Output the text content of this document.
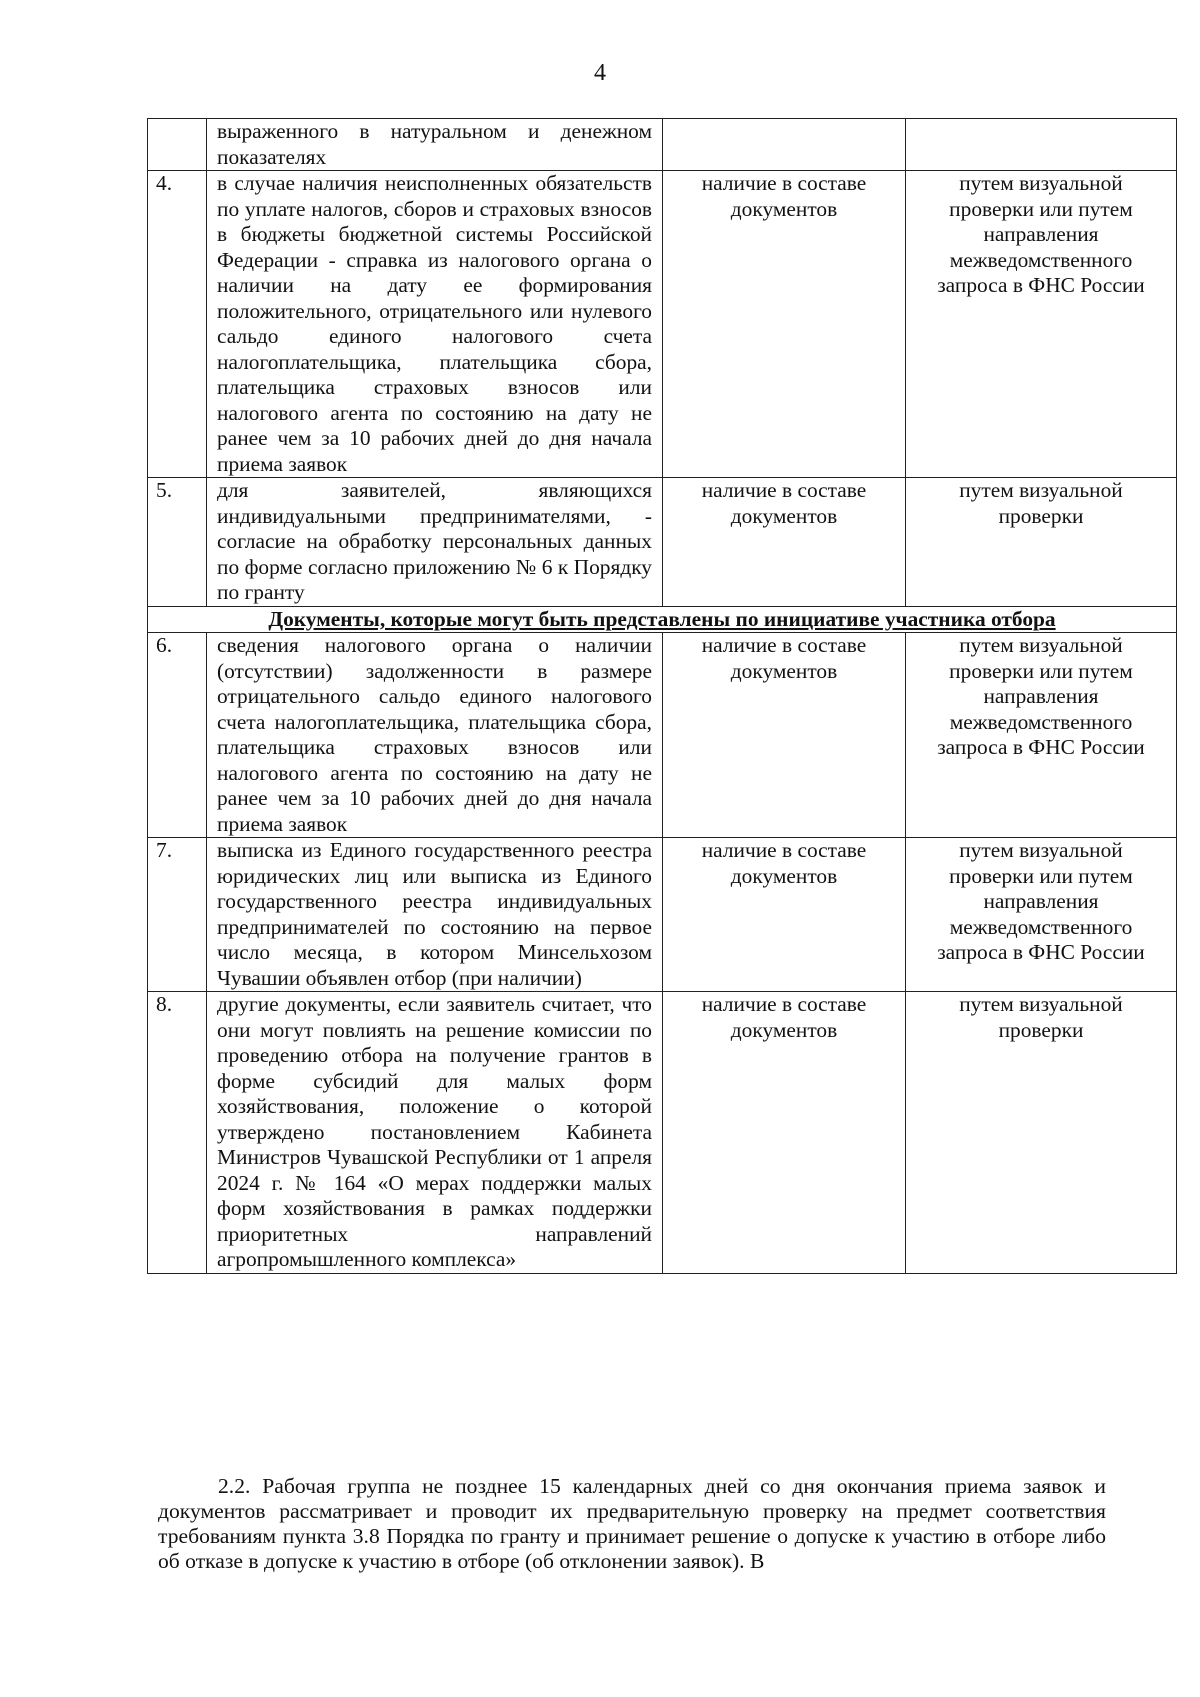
4
	выраженного в натуральном и денежном показателях		
4.	в случае наличия неисполненных обязательств по уплате налогов, сборов и страховых взносов в бюджеты бюджетной системы Российской Федерации - справка из налогового органа о наличии на дату ее формирования положительного, отрицательного или нулевого сальдо единого налогового счета налогоплательщика, плательщика сбора, плательщика страховых взносов или налогового агента по состоянию на дату не ранее чем за 10 рабочих дней до дня начала приема заявок	наличие в составе документов	путем визуальной проверки или путем направления межведомственного запроса в ФНС России
5.	для заявителей, являющихся индивидуальными предпринимателями, - согласие на обработку персональных данных по форме согласно приложению № 6 к Порядку по гранту	наличие в составе документов	путем визуальной проверки
Документы, которые могут быть представлены по инициативе участника отбора			
6.	сведения налогового органа о наличии (отсутствии) задолженности в размере отрицательного сальдо единого налогового счета налогоплательщика, плательщика сбора, плательщика страховых взносов или налогового агента по состоянию на дату не ранее чем за 10 рабочих дней до дня начала приема заявок	наличие в составе документов	путем визуальной проверки или путем направления межведомственного запроса в ФНС России
7.	выписка из Единого государственного реестра юридических лиц или выписка из Единого государственного реестра индивидуальных предпринимателей по состоянию на первое число месяца, в котором Минсельхозом Чувашии объявлен отбор (при наличии)	наличие в составе документов	путем визуальной проверки или путем направления межведомственного запроса в ФНС России
8.	другие документы, если заявитель считает, что они могут повлиять на решение комиссии по проведению отбора на получение грантов в форме субсидий для малых форм хозяйствования, положение о которой утверждено постановлением Кабинета Министров Чувашской Республики от 1 апреля 2024 г. № 164 «О мерах поддержки малых форм хозяйствования в рамках поддержки приоритетных направлений агропромышленного комплекса»	наличие в составе документов	путем визуальной проверки

2.2. Рабочая группа не позднее 15 календарных дней со дня окончания приема заявок и документов рассматривает и проводит их предварительную проверку на предмет соответствия требованиям пункта 3.8 Порядка по гранту и принимает решение о допуске к участию в отборе либо об отказе в допуске к участию в отборе (об отклонении заявок). В
